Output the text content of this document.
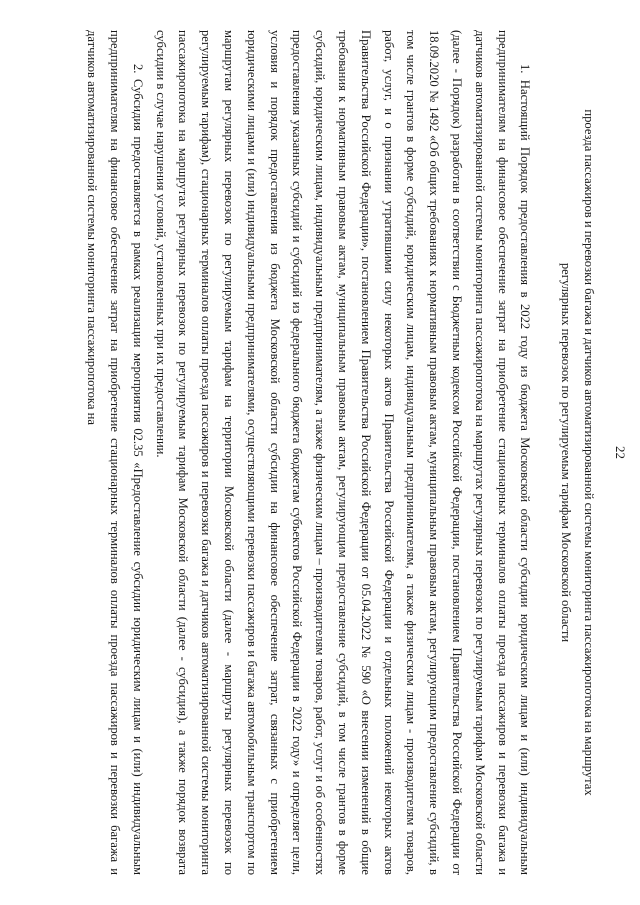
22

проезда пассажиров и перевозки багажа и датчиков автоматизированной системы мониторинга пассажиропотока на маршрутах

регулярных перевозок по регулируемым тарифам Московской области

1. Настоящий Порядок предоставления в 2022 году из бюджета Московской области субсидии юридическим лицам и (или) индивидуальным предпринимателям на финансовое обеспечение затрат на приобретение стационарных терминалов оплаты проезда пассажиров и перевозки багажа и датчиков автоматизированной системы мониторинга пассажиропотока на маршрутах регулярных перевозок по регулируемым тарифам Московской области (далее - Порядок) разработан в соответствии с Бюджетным кодексом Российской Федерации, постановлением Правительства Российской Федерации от 18.09.2020 № 1492 «Об общих требованиях к нормативным правовым актам, муниципальным правовым актам, регулирующим предоставление субсидий, в том числе грантов в форме субсидий, юридическим лицам, индивидуальным предпринимателям, а также физическим лицам - производителям товаров, работ, услуг, и о признании утратившими силу некоторых актов Правительства Российской Федерации и отдельных положений некоторых актов Правительства Российской Федерации», постановлением Правительства Российской Федерации от 05.04.2022 № 590 «О внесении изменений в общие требования к нормативным правовым актам, муниципальным правовым актам, регулирующим предоставление субсидий, в том числе грантов в форме субсидий, юридическим лицам, индивидуальным предпринимателям, а также физическим лицам – производителям товаров, работ, услуг и об особенностях предоставления указанных субсидий и субсидий из федерального бюджета бюджетам субъектов Российской Федерации в 2022 году» и определяет цели, условия и порядок предоставления из бюджета Московской области субсидии на финансовое обеспечение затрат, связанных с приобретением юридическими лицами и (или) индивидуальными предпринимателями, осуществляющими перевозки пассажиров и багажа автомобильным транспортом по маршрутам регулярных перевозок по регулируемым тарифам на территории Московской области (далее - маршруты регулярных перевозок по регулируемым тарифам), стационарных терминалов оплаты проезда пассажиров и перевозки багажа и датчиков автоматизированной системы мониторинга пассажиропотока на маршрутах регулярных перевозок по регулируемым тарифам Московской области (далее - субсидия), а также порядок возврата субсидии в случае нарушения условий, установленных при их предоставлении.

2. Субсидия предоставляется в рамках реализации мероприятия 02.35 «Предоставление субсидии юридическим лицам и (или) индивидуальным предпринимателям на финансовое обеспечение затрат на приобретение стационарных терминалов оплаты проезда пассажиров и перевозки багажа и датчиков автоматизированной системы мониторинга пассажиропотока на
